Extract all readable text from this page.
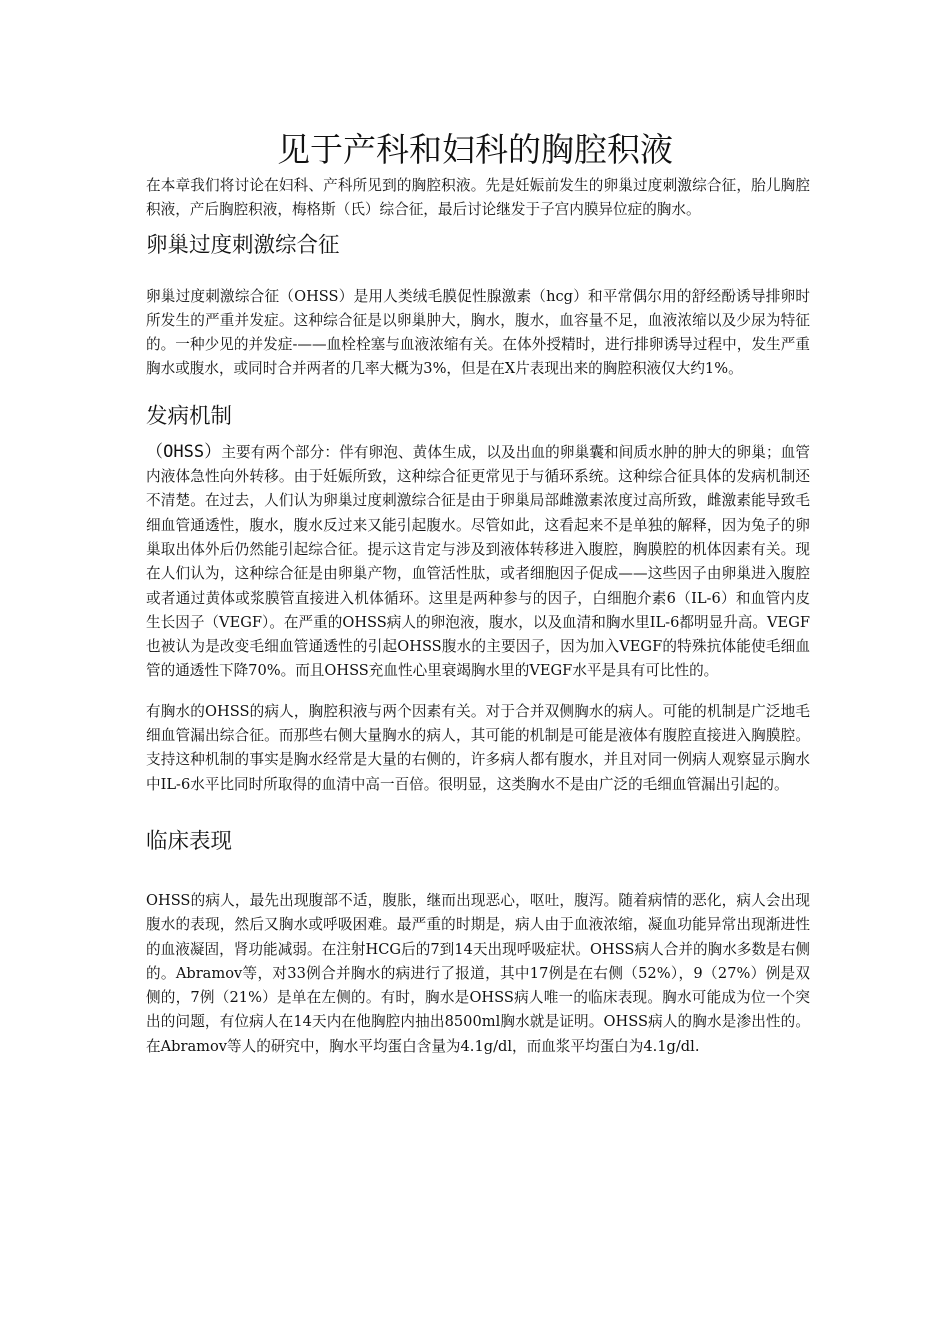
见于产科和妇科的胸腔积液

在本章我们将讨论在妇科、产科所见到的胸腔积液。先是妊娠前发生的卵巢过度刺激综合征，胎儿胸腔积液，产后胸腔积液，梅格斯（氏）综合征，最后讨论继发于子宫内膜异位症的胸水。

卵巢过度刺激综合征

卵巢过度刺激综合征（OHSS）是用人类绒毛膜促性腺激素（hcg）和平常偶尔用的舒经酚诱导排卵时所发生的严重并发症。这种综合征是以卵巢肿大，胸水，腹水，血容量不足，血液浓缩以及少尿为特征的。一种少见的并发症-——血栓栓塞与血液浓缩有关。在体外授精时，进行排卵诱导过程中，发生严重胸水或腹水，或同时合并两者的几率大概为3%，但是在X片表现出来的胸腔积液仅大约1%。

发病机制

（OHSS）主要有两个部分：伴有卵泡、黄体生成，以及出血的卵巢囊和间质水肿的肿大的卵巢；血管内液体急性向外转移。由于妊娠所致，这种综合征更常见于与循环系统。这种综合征具体的发病机制还不清楚。在过去，人们认为卵巢过度刺激综合征是由于卵巢局部雌激素浓度过高所致，雌激素能导致毛细血管通透性，腹水，腹水反过来又能引起腹水。尽管如此，这看起来不是单独的解释，因为兔子的卵巢取出体外后仍然能引起综合征。提示这肯定与涉及到液体转移进入腹腔，胸膜腔的机体因素有关。现在人们认为，这种综合征是由卵巢产物，血管活性肽，或者细胞因子促成——这些因子由卵巢进入腹腔或者通过黄体或浆膜管直接进入机体循环。这里是两种参与的因子，白细胞介素6（IL-6）和血管内皮生长因子（VEGF）。在严重的OHSS病人的卵泡液，腹水，以及血清和胸水里IL-6都明显升高。VEGF也被认为是改变毛细血管通透性的引起OHSS腹水的主要因子，因为加入VEGF的特殊抗体能使毛细血管的通透性下降70%。而且OHSS充血性心里衰竭胸水里的VEGF水平是具有可比性的。

有胸水的OHSS的病人，胸腔积液与两个因素有关。对于合并双侧胸水的病人。可能的机制是广泛地毛细血管漏出综合征。而那些右侧大量胸水的病人，其可能的机制是可能是液体有腹腔直接进入胸膜腔。支持这种机制的事实是胸水经常是大量的右侧的，许多病人都有腹水，并且对同一例病人观察显示胸水中IL-6水平比同时所取得的血清中高一百倍。很明显，这类胸水不是由广泛的毛细血管漏出引起的。

临床表现

OHSS的病人，最先出现腹部不适，腹胀，继而出现恶心，呕吐，腹泻。随着病情的恶化，病人会出现腹水的表现，然后又胸水或呼吸困难。最严重的时期是，病人由于血液浓缩，凝血功能异常出现渐进性的血液凝固，肾功能减弱。在注射HCG后的7到14天出现呼吸症状。OHSS病人合并的胸水多数是右侧的。Abramov等，对33例合并胸水的病进行了报道，其中17例是在右侧（52%），9（27%）例是双侧的，7例（21%）是单在左侧的。有时，胸水是OHSS病人唯一的临床表现。胸水可能成为位一个突出的问题，有位病人在14天内在他胸腔内抽出8500ml胸水就是证明。OHSS病人的胸水是渗出性的。在Abramov等人的研究中，胸水平均蛋白含量为4.1g/dl，而血浆平均蛋白为4.1g/dl.
